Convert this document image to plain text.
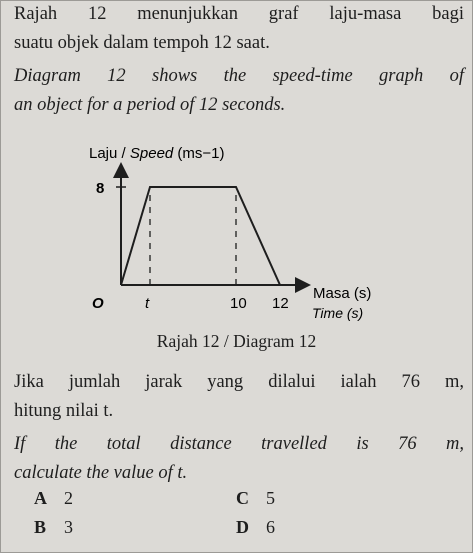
Rajah 12 menunjukkan graf laju-masa bagi
suatu objek dalam tempoh 12 saat.
Diagram 12 shows the speed-time graph of
an object for a period of 12 seconds.
Laju / Speed (ms−1)
8
O	t	10 12
Masa (s)
Time (s)
Rajah 12 / Diagram 12
Jika jumlah jarak yang dilalui ialah 76 m,
hitung nilai t.
If the total distance travelled is 76 m,
calculate the value of t.
A 2
B 3
C 5
D 6
